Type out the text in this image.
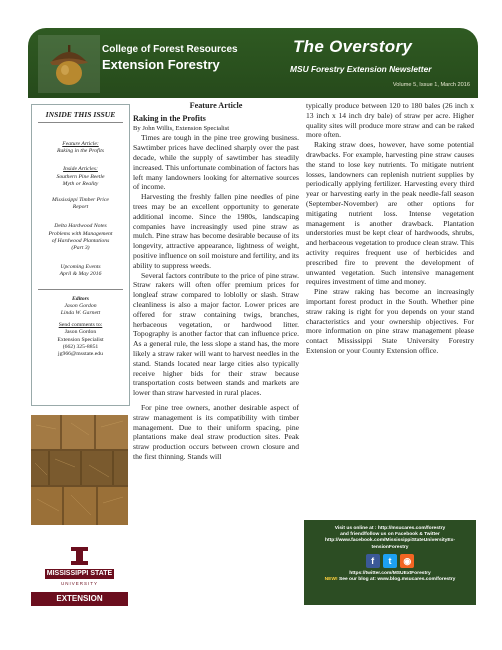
College of Forest Resources
Extension Forestry
The Overstory
MSU Forestry Extension Newsletter
Volume 5, Issue 1, March 2016
INSIDE THIS ISSUE
Feature Article:
Raking in the Profits
Inside Articles:
Southern Pine Beetle
Myth or Reality
Mississippi Timber Price
Report
Delta Hardwood Notes
Problems with Management
of Hardwood Plantations
(Part 3)
Upcoming Events
April & May 2016
Editors
Jason Gordon
Linda W. Garnett
Send comments to:
Jason Gordon
Extension Specialist
(662) 325-8851
jg966@msstate.edu
MISSISSIPPI STATE
UNIVERSITY
EXTENSION
Feature Article
Raking in the Profits
By John Willis, Extension Specialist

Times are tough in the pine tree growing business. Sawtimber prices have declined sharply over the past decade, while the supply of sawtimber has steadily increased. This unfortunate combination of factors has left many landowners looking for alternative sources of income.

Harvesting the freshly fallen pine needles of pine trees may be an excellent opportunity to generate additional income. Since the 1980s, landscaping companies have increasingly used pine straw as mulch. Pine straw has become desirable because of its longevity, attractive appearance, lightness of weight, positive influence on soil moisture and fertility, and its ability to suppress weeds.

Several factors contribute to the price of pine straw. Straw rakers will often offer premium prices for longleaf straw compared to loblolly or slash. Straw cleanliness is also a major factor. Lower prices are offered for straw containing twigs, branches, herbaceous vegetation, or hardwood litter. Topography is another factor that can influence price. As a general rule, the less slope a stand has, the more likely a straw raker will want to harvest needles in the stand. Stands located near large cities also typically receive higher bids for their straw because transportation costs between stands and markets are lower than straw harvested in rural places.

For pine tree owners, another desirable aspect of straw management is its compatibility with timber management. Due to their uniform spacing, pine plantations make deal straw production sites. Peak straw production occurs between crown closure and the first thinning. Stands will

typically produce between 120 to 180 bales (26 inch x 13 inch x 14 inch dry bale) of straw per acre. Higher quality sites will produce more straw and can be raked more often.

Raking straw does, however, have some potential drawbacks. For example, harvesting pine straw causes the stand to lose key nutrients. To mitigate nutrient losses, landowners can replenish nutrient supplies by periodically applying fertilizer. Harvesting every third year or harvesting early in the peak needle-fall season (September-November) are other options for mitigating nutrient loss. Intense vegetation management is another drawback. Plantation understories must be kept clear of hardwoods, shrubs, and herbaceous vegetation to produce clean straw. This activity requires frequent use of herbicides and prescribed fire to prevent the development of unwanted vegetation. Such intensive management requires investment of time and money.

Pine straw raking has become an increasingly important forest product in the South. Whether pine straw raking is right for you depends on your stand characteristics and your ownership objectives. For more information on pine straw management please contact Mississippi State University Forestry Extension or your County Extension office.

Visit us online at : http://msucares.com/forestry
and friend/follow us on Facebook & Twitter
http://www.facebook.com/MississippiStateUniversityEx-
tensionForestry
f t ◉
https://twitter.com/MSUExtForestry
NEW! See our blog at: www.blog.msucares.com/forestry
